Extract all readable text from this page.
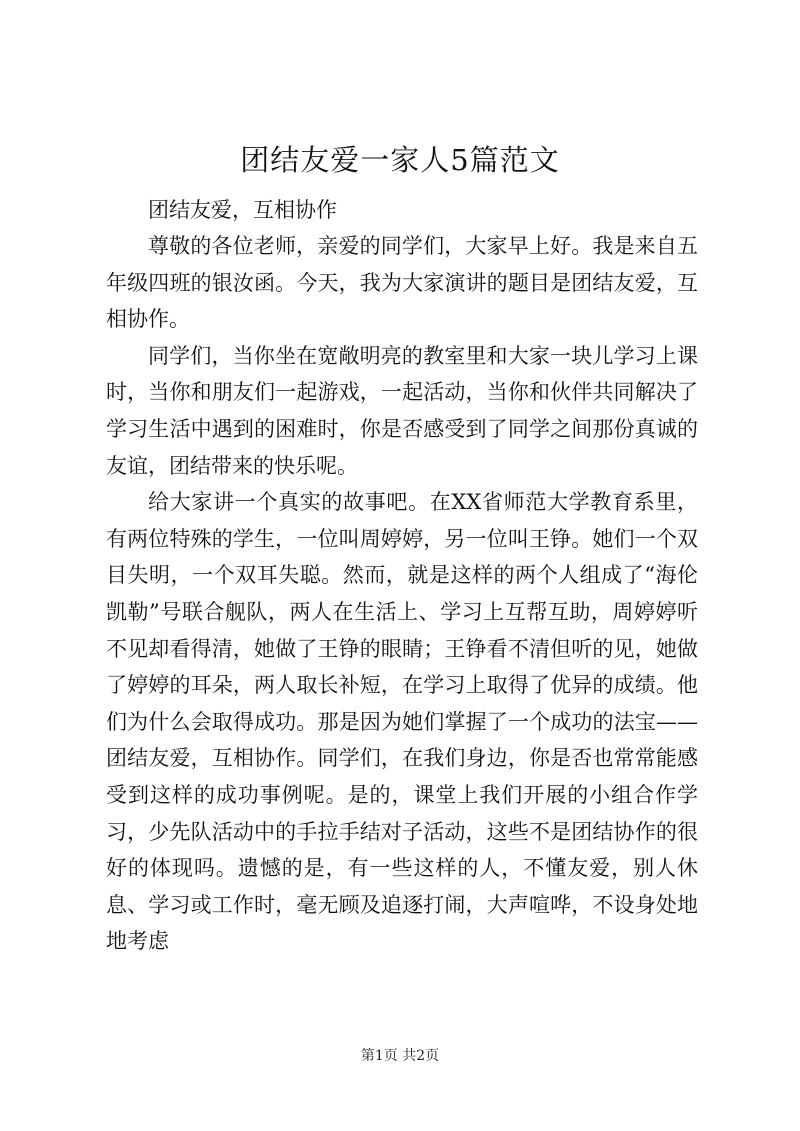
团结友爱一家人5篇范文

团结友爱，互相协作

尊敬的各位老师，亲爱的同学们，大家早上好。我是来自五年级四班的银汝函。今天，我为大家演讲的题目是团结友爱，互相协作。

同学们，当你坐在宽敞明亮的教室里和大家一块儿学习上课时，当你和朋友们一起游戏，一起活动，当你和伙伴共同解决了学习生活中遇到的困难时，你是否感受到了同学之间那份真诚的友谊，团结带来的快乐呢。

给大家讲一个真实的故事吧。在XX省师范大学教育系里，有两位特殊的学生，一位叫周婷婷，另一位叫王铮。她们一个双目失明，一个双耳失聪。然而，就是这样的两个人组成了“海伦凯勒”号联合舰队，两人在生活上、学习上互帮互助，周婷婷听不见却看得清，她做了王铮的眼睛；王铮看不清但听的见，她做了婷婷的耳朵，两人取长补短，在学习上取得了优异的成绩。他们为什么会取得成功。那是因为她们掌握了一个成功的法宝——团结友爱，互相协作。同学们，在我们身边，你是否也常常能感受到这样的成功事例呢。是的，课堂上我们开展的小组合作学习，少先队活动中的手拉手结对子活动，这些不是团结协作的很好的体现吗。遗憾的是，有一些这样的人，不懂友爱，别人休息、学习或工作时，毫无顾及追逐打闹，大声喧哗，不设身处地地考虑

第1页 共2页
